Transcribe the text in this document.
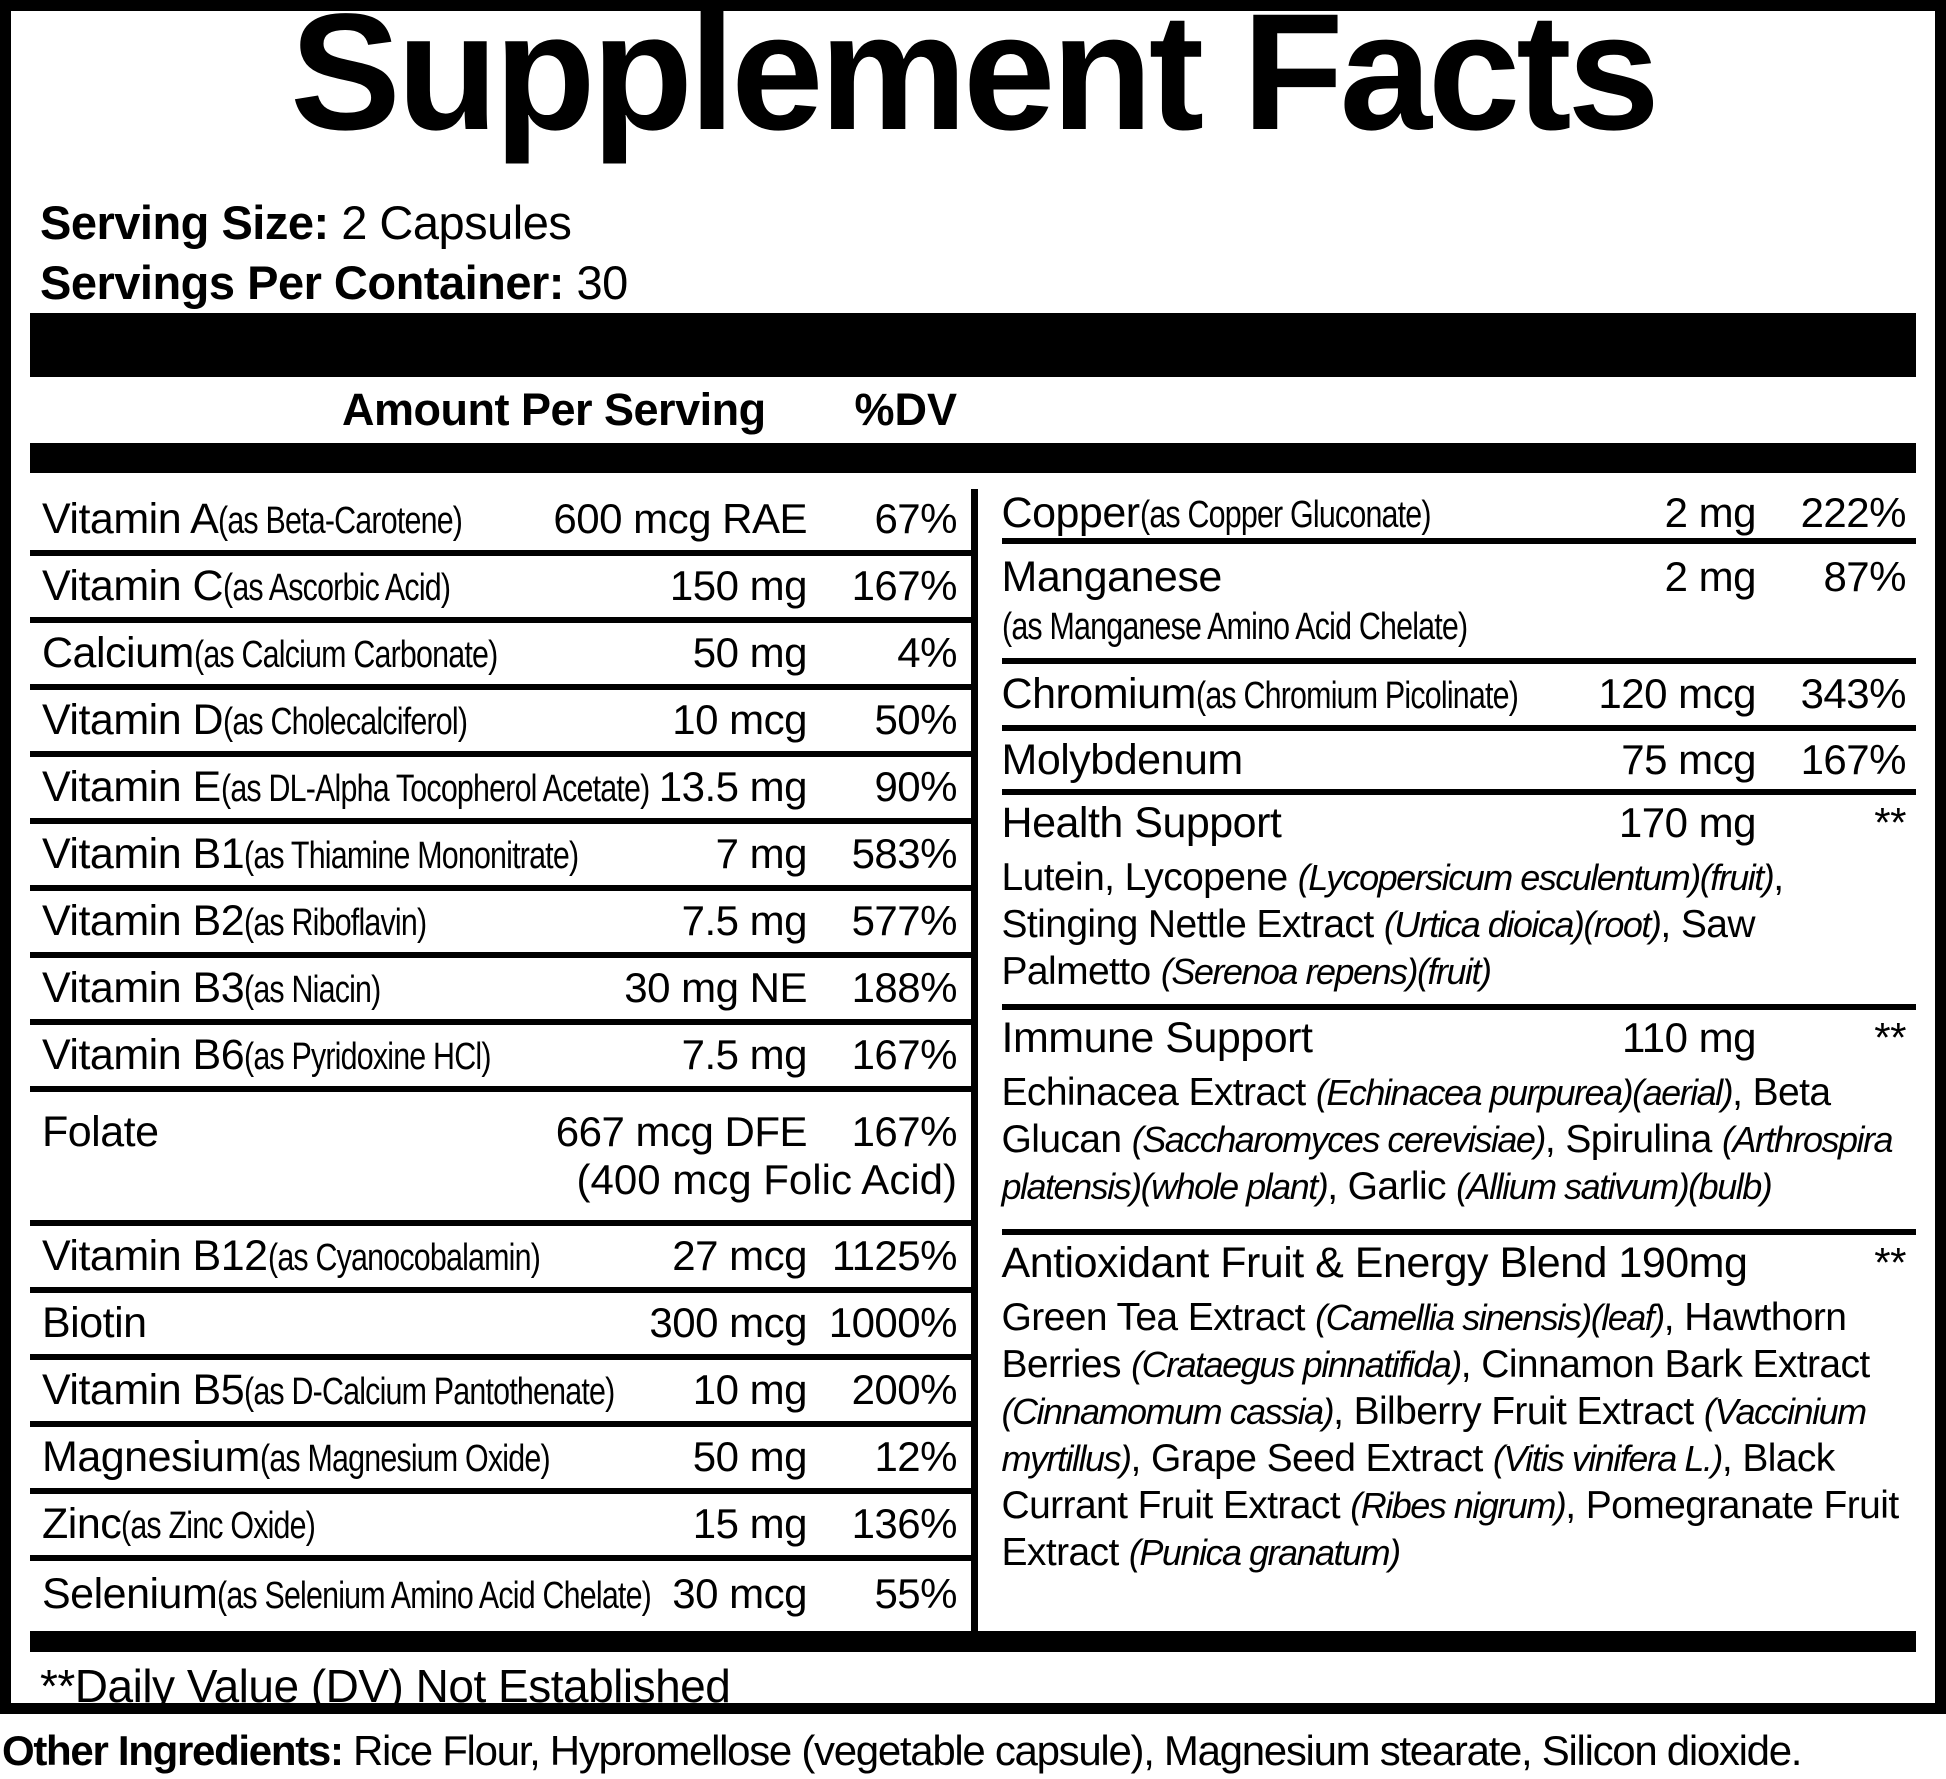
Supplement Facts
Serving Size: 2 Capsules
Servings Per Container: 30
Amount Per Serving %DV
Vitamin A(as Beta-Carotene)	600 mcg RAE	67%
Vitamin C(as Ascorbic Acid)	150 mg	167%
Calcium(as Calcium Carbonate)	50 mg	4%
Vitamin D(as Cholecalciferol)	10 mcg	50%
Vitamin E(as DL-Alpha Tocopherol Acetate) 13.5 mg	90%
Vitamin B1(as Thiamine Mononitrate)	7 mg	583%
Vitamin B2(as Riboflavin)	7.5 mg	577%
Vitamin B3(as Niacin)	30 mg NE	188%
Vitamin B6(as Pyridoxine HCl)	7.5 mg	167%
Folate	667 mcg DFE	167%
(400 mcg Folic Acid)
Vitamin B12(as Cyanocobalamin)	27 mcg 1125%
Biotin	300 mcg 1000%
Vitamin B5(as D-Calcium Pantothenate)	10 mg	200%
Magnesium(as Magnesium Oxide)	50 mg	12%
Zinc(as Zinc Oxide)	15 mg	136%
Selenium(as Selenium Amino Acid Chelate) 30 mcg	55%
Copper(as Copper Gluconate)	2 mg	222%
Manganese	2 mg	87%
(as Manganese Amino Acid Chelate)
Chromium(as Chromium Picolinate)	120 mcg	343%
Molybdenum	75 mcg	167%
Health Support	170 mg	**
Lutein, Lycopene (Lycopersicum esculentum)(fruit), Stinging Nettle Extract (Urtica dioica)(root), Saw Palmetto (Serenoa repens)(fruit)
Immune Support	110 mg	**
Echinacea Extract (Echinacea purpurea)(aerial), Beta Glucan (Saccharomyces cerevisiae), Spirulina (Arthrospira platensis)(whole plant), Garlic (Allium sativum)(bulb)
Antioxidant Fruit & Energy Blend 190mg	**
Green Tea Extract (Camellia sinensis)(leaf), Hawthorn Berries (Crataegus pinnatifida), Cinnamon Bark Extract (Cinnamomum cassia), Bilberry Fruit Extract (Vaccinium myrtillus), Grape Seed Extract (Vitis vinifera L.), Black Currant Fruit Extract (Ribes nigrum), Pomegranate Fruit Extract (Punica granatum)
**Daily Value (DV) Not Established
Other Ingredients: Rice Flour, Hypromellose (vegetable capsule), Magnesium stearate, Silicon dioxide.
